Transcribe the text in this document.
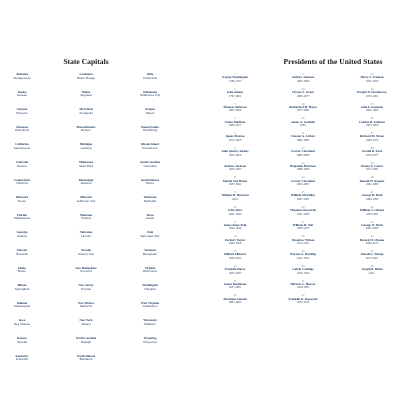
State Capitals	Presidents of the United States
Alabama
Montgomery
Alaska
Juneau
Arizona
Phoenix
Arkansas
Little Rock
California
Sacramento
Colorado
Denver
Connecticut
Hartford
Delaware
Dover
Florida
Tallahassee
Georgia
Atlanta
Hawaii
Honolulu
Idaho
Boise
Illinois
Springfield
Indiana
Indianapolis
Iowa
Des Moines
Kansas
Topeka
Kentucky
Frankfort
Louisiana
Baton Rouge
Maine
Augusta
Maryland
Annapolis
Massachusetts
Boston
Michigan
Lansing
Minnesota
Saint Paul
Mississippi
Jackson
Missouri
Jefferson City
Montana
Helena
Nebraska
Lincoln
Nevada
Carson City
New Hampshire
Concord
New Jersey
Trenton
New Mexico
Santa Fe
New York
Albany
North Carolina
Raleigh
North Dakota
Bismarck
Ohio
Columbus
Oklahoma
Oklahoma City
Oregon
Salem
Pennsylvania
Harrisburg
Rhode Island
Providence
South Carolina
Columbia
South Dakota
Pierre
Tennessee
Nashville
Texas
Austin
Utah
Salt Lake City
Vermont
Montpelier
Virginia
Richmond
Washington
Olympia
West Virginia
Charleston
Wisconsin
Madison
Wyoming
Cheyenne
1
George Washington
1789-1797
2
John Adams
1797-1801
3
Thomas Jefferson
1801-1809
4
James Madison
1809-1817
5
James Monroe
1817-1825
6
John Quincy Adams
1825-1829
7
Andrew Jackson
1829-1837
8
Martin Van Buren
1837-1841
9
William H. Harrison
1841
10
John Tyler
1841-1845
11
James Knox Polk
1845-1849
12
Zachary Taylor
1849-1850
13
Millard Fillmore
1850-1853
14
Franklin Pierce
1853-1857
15
James Buchanan
1857-1861
16
Abraham Lincoln
1861-1865
17
Andrew Johnson
1865-1869
18
Ulysses S. Grant
1869-1877
19
Rutherford B. Hayes
1877-1881
20
James A. Garfield
1881
21
Chester A. Arthur
1881-1885
22
Grover Cleveland
1885-1889
23
Benjamin Harrison
1889-1893
24
Grover Cleveland
1893-1897
25
William McKinley
1897-1901
26
Theodore Roosevelt
1901-1909
27
William H. Taft
1909-1913
28
Woodrow Wilson
1913-1921
29
Warren G. Harding
1921-1923
30
Calvin Coolidge
1923-1929
31
Herbert C. Hoover
1929-1933
32
Franklin D. Roosevelt
1933-1945
33
Harry S. Truman
1945-1953
34
Dwight D. Eisenhower
1953-1961
35
John F. Kennedy
1961-1963
36
Lyndon B. Johnson
1963-1969
37
Richard M. Nixon
1969-1974
38
Gerald R. Ford
1974-1977
39
Jimmy E. Carter
1977-1981
40
Ronald W. Reagan
1981-1989
41
George H. Bush
1989-1993
42
William J. Clinton
1993-2001
43
George W. Bush
2001-2009
44
Barack H. Obama
2009-2017
45
Donald J. Trump
2017-2021
46
Joseph R. Biden
2021-
